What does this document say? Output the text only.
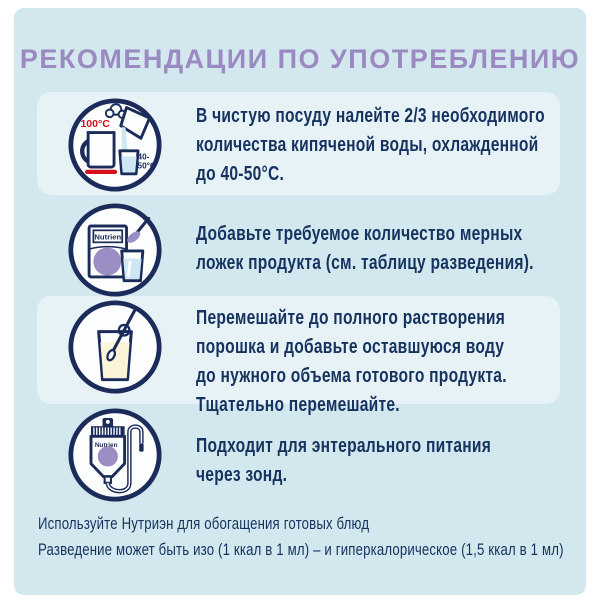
РЕКОМЕНДАЦИИ ПО УПОТРЕБЛЕНИЮ
100°C
40-
50°C
Nutrien
Nutrien
В чистую посуду налейте 2/3 необходимого
количества кипяченой воды, охлажденной
до 40-50°С.
Добавьте требуемое количество мерных
ложек продукта (см. таблицу разведения).
Перемешайте до полного растворения
порошка и добавьте оставшуюся воду
до нужного объема готового продукта.
Тщательно перемешайте.
Подходит для энтерального питания
через зонд.
Используйте Нутриэн для обогащения готовых блюд
Разведение может быть изо (1 ккал в 1 мл) – и гиперкалорическое (1,5 ккал в 1 мл)
